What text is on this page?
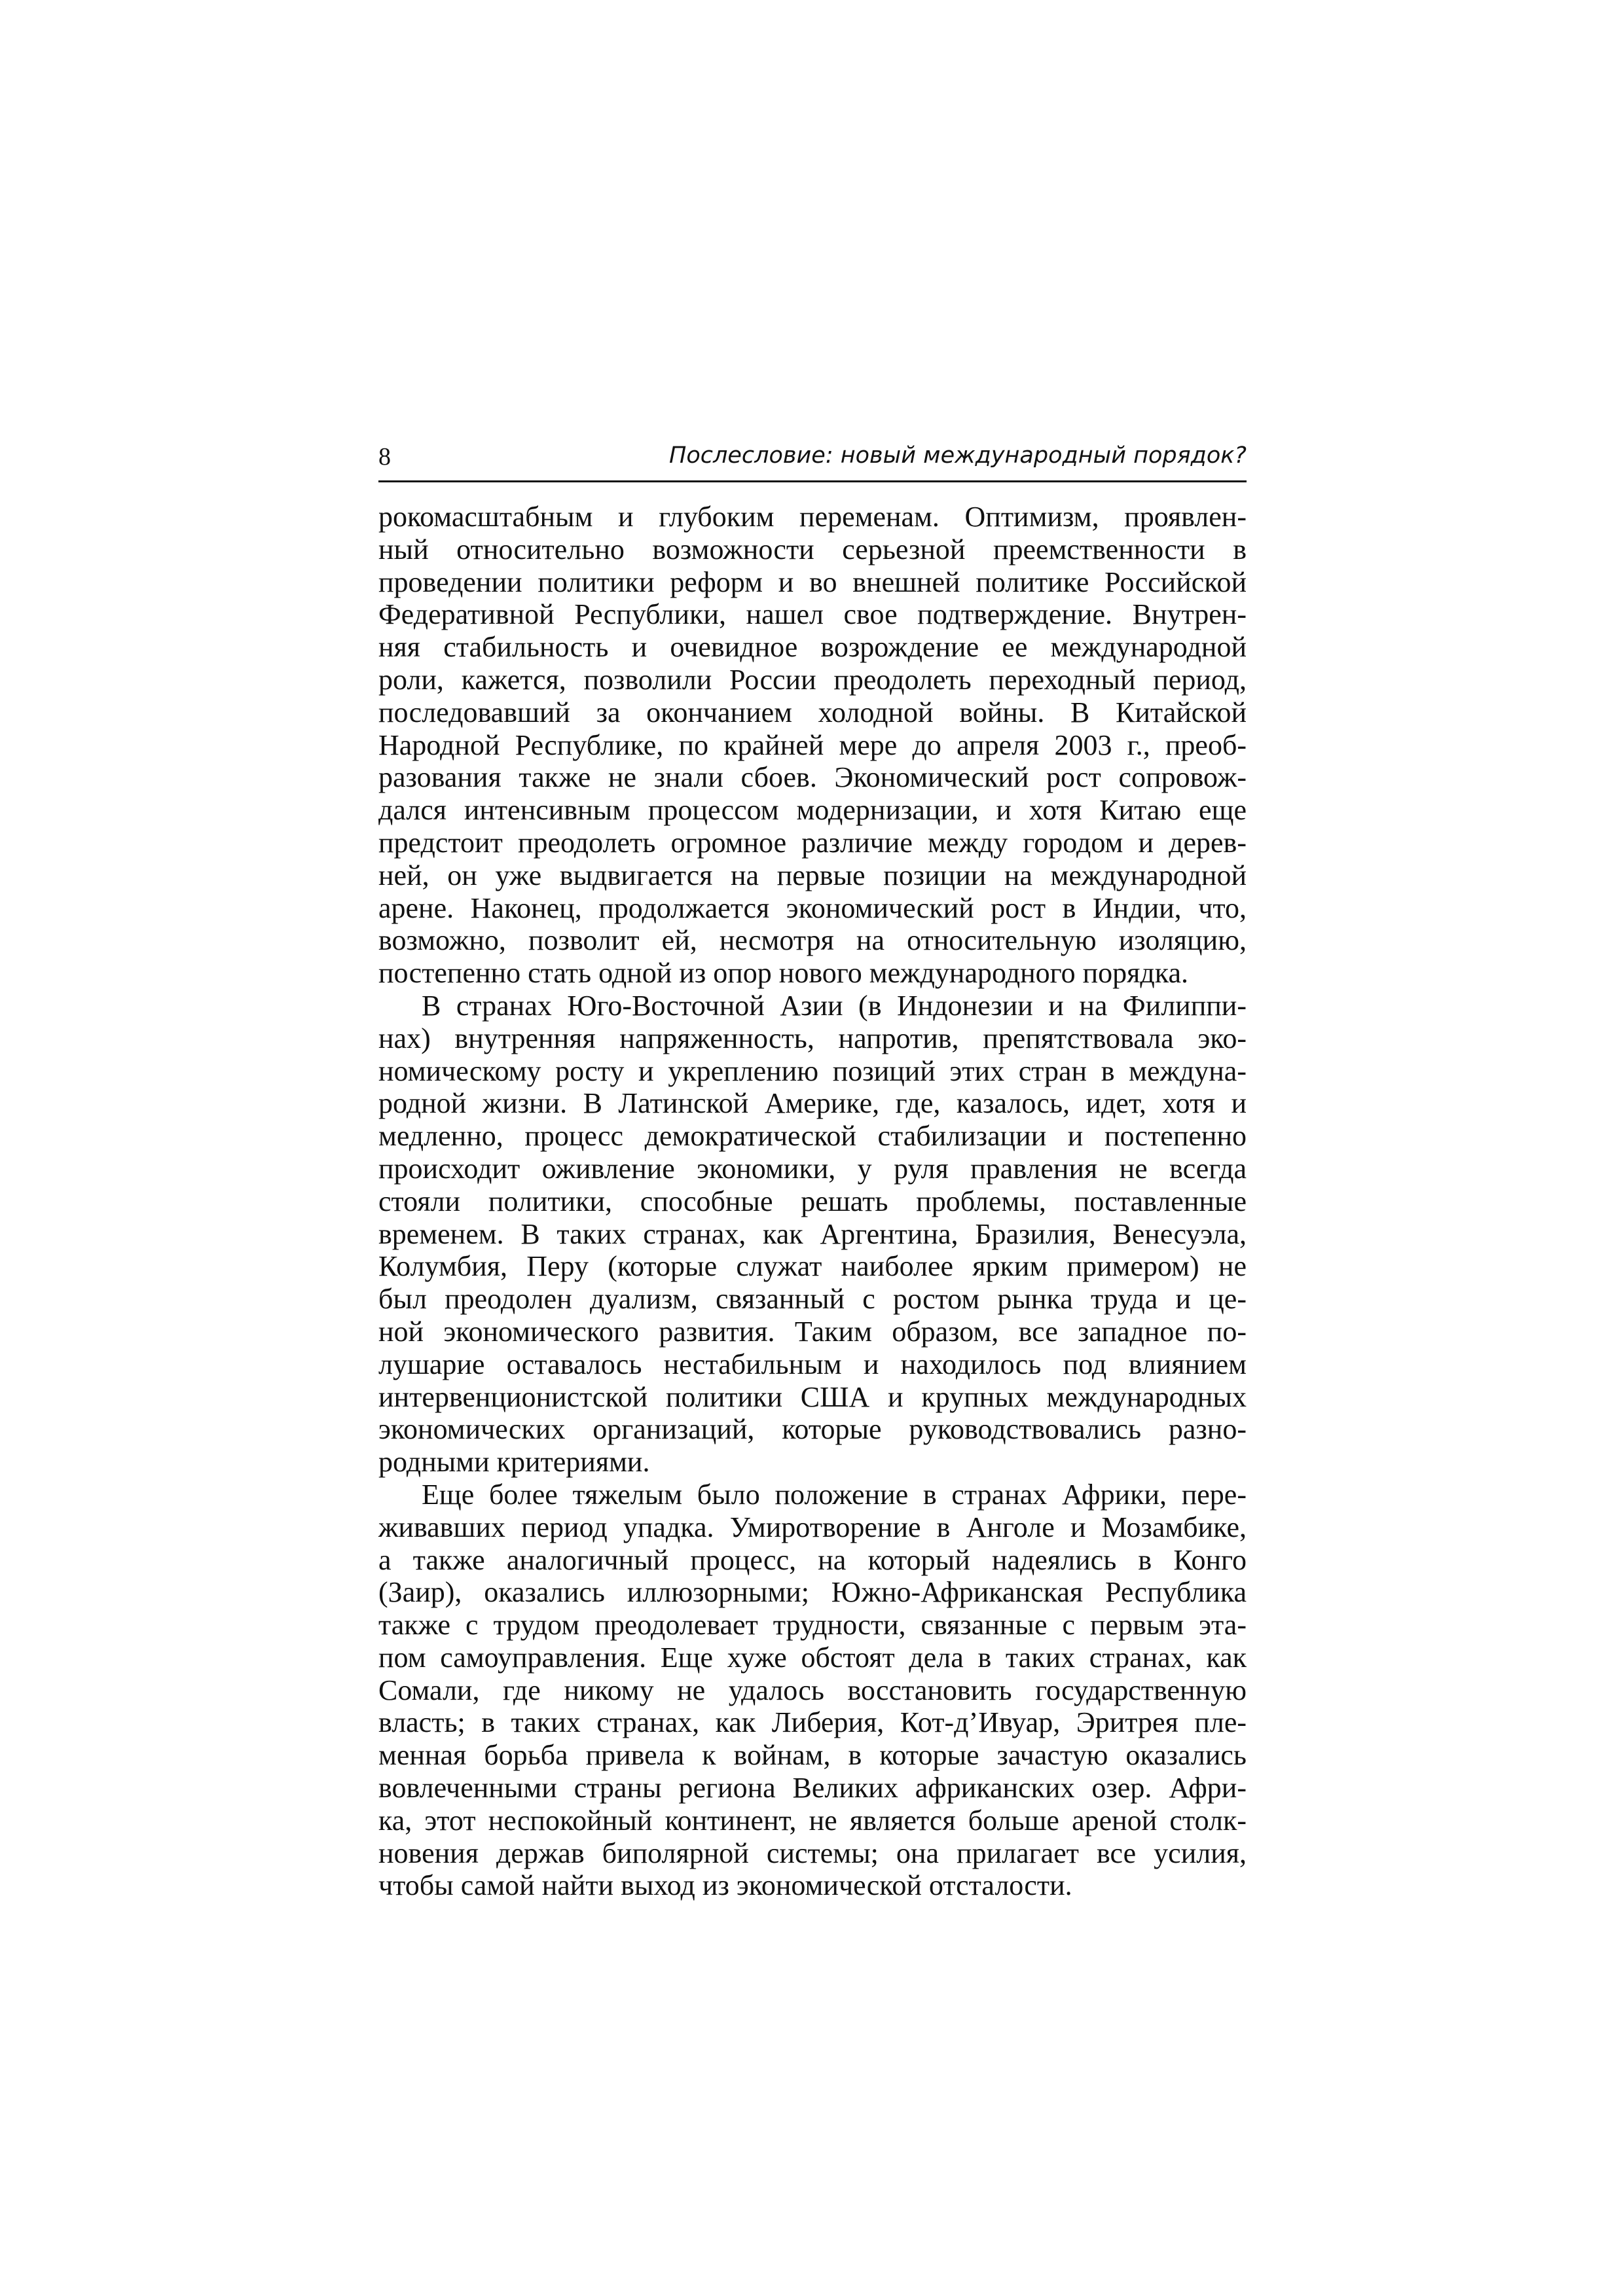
8	Послесловие: новый международный порядок?

рокомасштабным и глубоким переменам. Оптимизм, проявлен-
ный относительно возможности серьезной преемственности в
проведении политики реформ и во внешней политике Российской
Федеративной Республики, нашел свое подтверждение. Внутрен-
няя стабильность и очевидное возрождение ее международной
роли, кажется, позволили России преодолеть переходный период,
последовавший за окончанием холодной войны. В Китайской
Народной Республике, по крайней мере до апреля 2003 г., преоб-
разования также не знали сбоев. Экономический рост сопровож-
дался интенсивным процессом модернизации, и хотя Китаю еще
предстоит преодолеть огромное различие между городом и дерев-
ней, он уже выдвигается на первые позиции на международной
арене. Наконец, продолжается экономический рост в Индии, что,
возможно, позволит ей, несмотря на относительную изоляцию,
постепенно стать одной из опор нового международного порядка.

В странах Юго-Восточной Азии (в Индонезии и на Филиппи-
нах) внутренняя напряженность, напротив, препятствовала эко-
номическому росту и укреплению позиций этих стран в междуна-
родной жизни. В Латинской Америке, где, казалось, идет, хотя и
медленно, процесс демократической стабилизации и постепенно
происходит оживление экономики, у руля правления не всегда
стояли политики, способные решать проблемы, поставленные
временем. В таких странах, как Аргентина, Бразилия, Венесуэла,
Колумбия, Перу (которые служат наиболее ярким примером) не
был преодолен дуализм, связанный с ростом рынка труда и це-
ной экономического развития. Таким образом, все западное по-
лушарие оставалось нестабильным и находилось под влиянием
интервенционистской политики США и крупных международных
экономических организаций, которые руководствовались разно-
родными критериями.

Еще более тяжелым было положение в странах Африки, пере-
живавших период упадка. Умиротворение в Анголе и Мозамбике,
а также аналогичный процесс, на который надеялись в Конго
(Заир), оказались иллюзорными; Южно-Африканская Республика
также с трудом преодолевает трудности, связанные с первым эта-
пом самоуправления. Еще хуже обстоят дела в таких странах, как
Сомали, где никому не удалось восстановить государственную
власть; в таких странах, как Либерия, Кот-д’Ивуар, Эритрея пле-
менная борьба привела к войнам, в которые зачастую оказались
вовлеченными страны региона Великих африканских озер. Афри-
ка, этот неспокойный континент, не является больше ареной столк-
новения держав биполярной системы; она прилагает все усилия,
чтобы самой найти выход из экономической отсталости.
